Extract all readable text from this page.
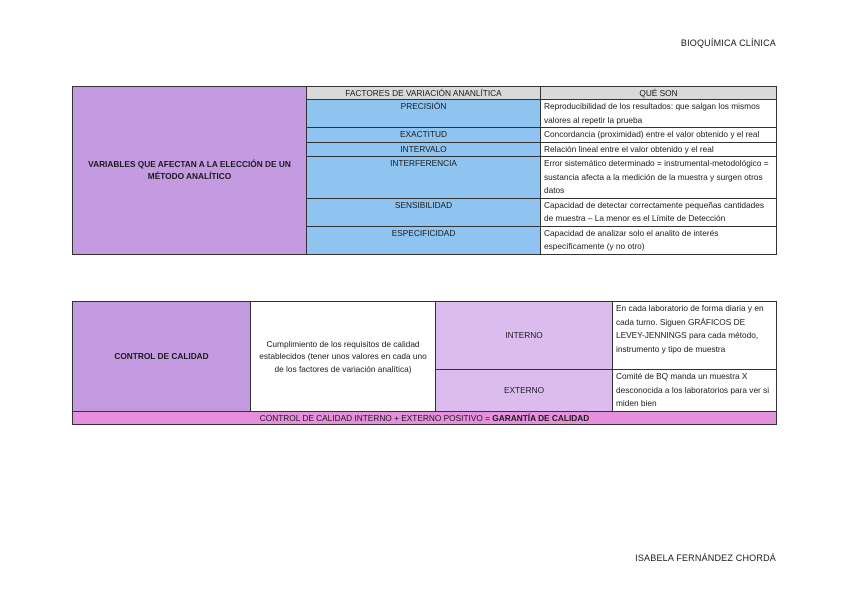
BIOQUÍMICA CLÍNICA
VARIABLES QUE AFECTAN A LA ELECCIÓN DE UN MÉTODO ANALÍTICO	FACTORES DE VARIACIÓN ANANLÍTICA	QUÉ SON
	PRECISIÓN	Reproducibilidad de los resultados: que salgan los mismos valores al repetir la prueba
	EXACTITUD	Concordancia (proximidad) entre el valor obtenido y el real
	INTERVALO	Relación lineal entre el valor obtenido y el real
	INTERFERENCIA	Error sistemático determinado = instrumental-metodológico = sustancia afecta a la medición de la muestra y surgen otros datos
	SENSIBILIDAD	Capacidad de detectar correctamente pequeñas cantidades de muestra – La menor es el Límite de Detección
	ESPECIFICIDAD	Capacidad de analizar solo el analito de interés específicamente (y no otro)
CONTROL DE CALIDAD	Cumplimiento de los requisitos de calidad establecidos (tener unos valores en cada uno de los factores de variación analítica)	INTERNO	En cada laboratorio de forma diaria y en cada turno. Siguen GRÁFICOS DE LEVEY-JENNINGS para cada método, instrumento y tipo de muestra
		EXTERNO	Comité de BQ manda un muestra X desconocida a los laboratorios para ver si miden bien
CONTROL DE CALIDAD INTERNO + EXTERNO POSITIVO = GARANTÍA DE CALIDAD			
ISABELA FERNÁNDEZ CHORDÁ
